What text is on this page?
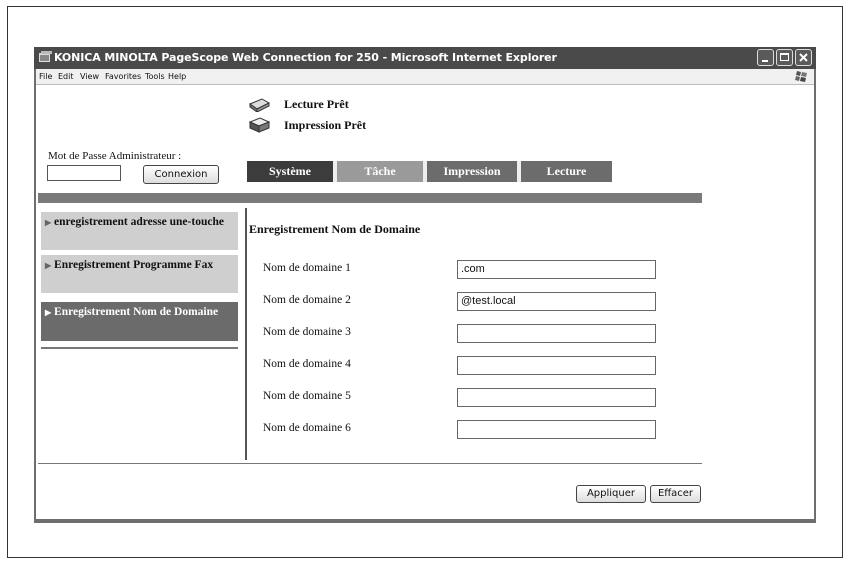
KONICA MINOLTA PageScope Web Connection for 250 - Microsoft Internet Explorer
File Edit View Favorites Tools Help
Lecture Prêt
Impression Prêt
Mot de Passe Administrateur :
Connexion	Système	Tâche	Impression	Lecture
▶ enregistrement adresse une-touche
▶ Enregistrement Programme Fax
▶ Enregistrement Nom de Domaine
Enregistrement Nom de Domaine
Nom de domaine 1	.com
Nom de domaine 2	@test.local
Nom de domaine 3
Nom de domaine 4
Nom de domaine 5
Nom de domaine 6
Appliquer	Effacer
